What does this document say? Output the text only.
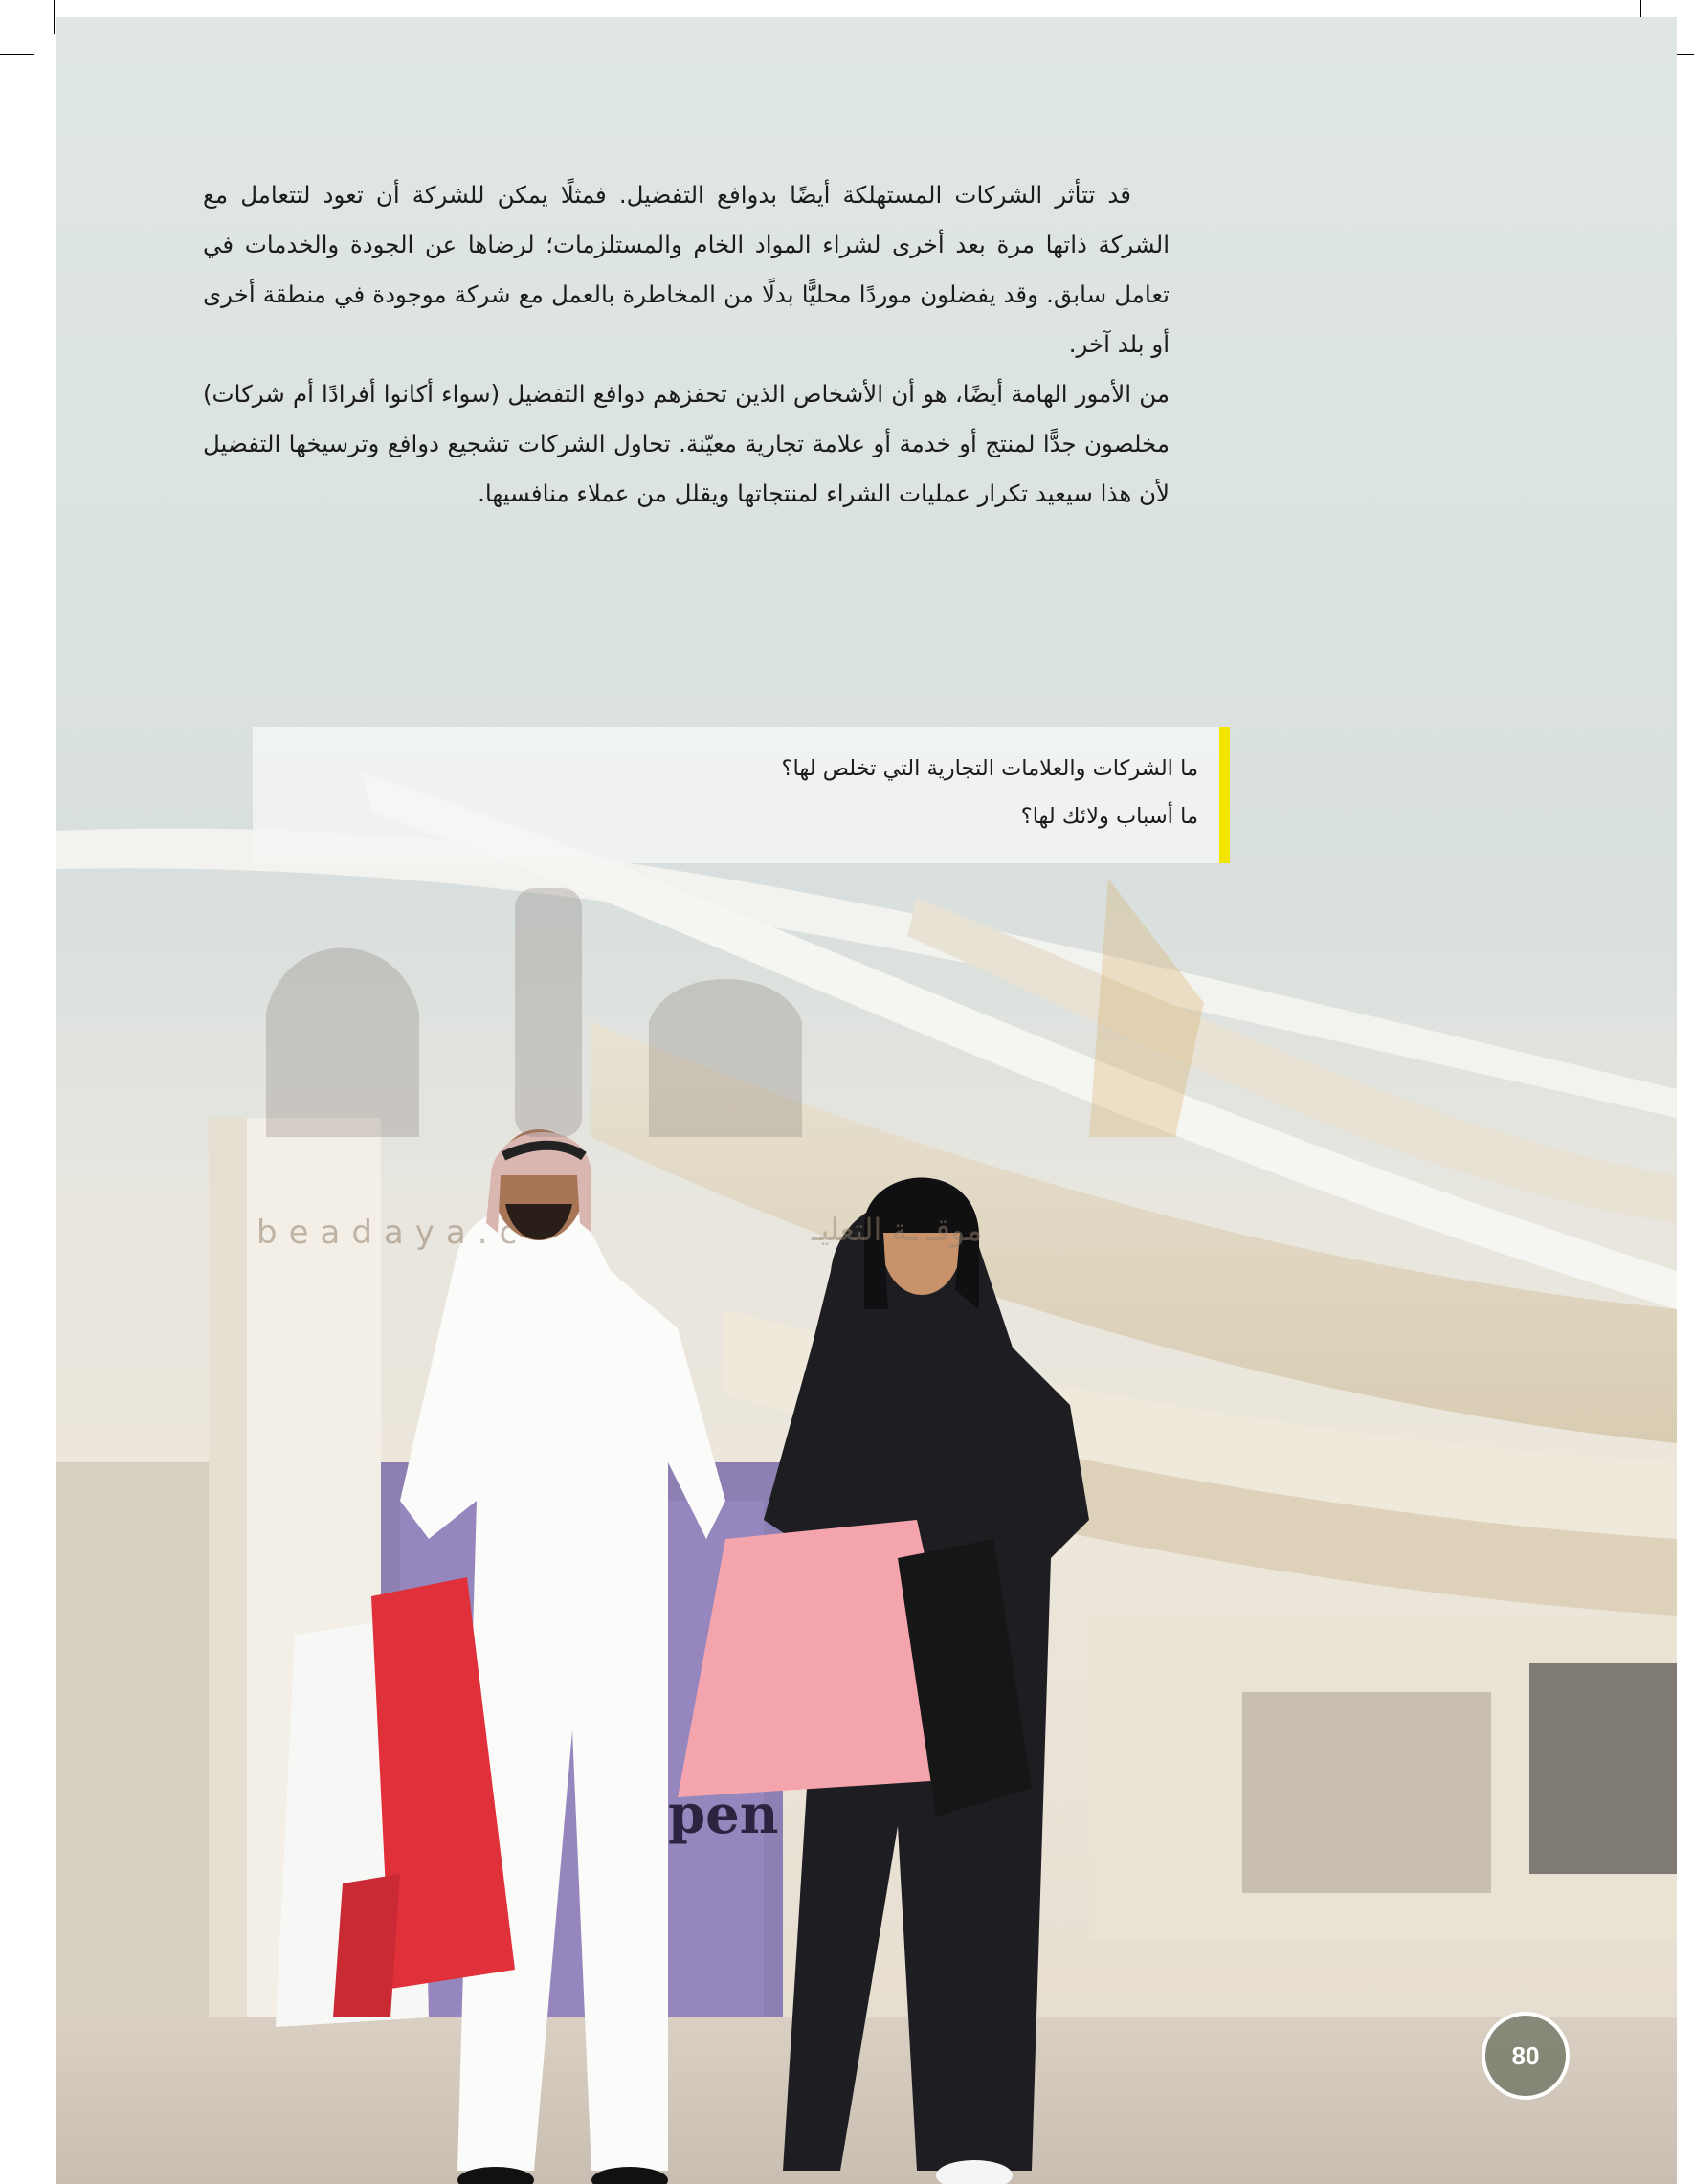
قد تتأثر الشركات المستهلكة أيضًا بدوافع التفضيل. فمثلًا يمكن للشركة أن تعود لتتعامل مع الشركة ذاتها مرة بعد أخرى لشراء المواد الخام والمستلزمات؛ لرضاها عن الجودة والخدمات في تعامل سابق. وقد يفضلون موردًا محليًّا بدلًا من المخاطرة بالعمل مع شركة موجودة في منطقة أخرى أو بلد آخر.

من الأمور الهامة أيضًا، هو أن الأشخاص الذين تحفزهم دوافع التفضيل (سواء أكانوا أفرادًا أم شركات) مخلصون جدًّا لمنتج أو خدمة أو علامة تجارية معيّنة. تحاول الشركات تشجيع دوافع وترسيخها التفضيل لأن هذا سيعيد تكرار عمليات الشراء لمنتجاتها ويقلل من عملاء منافسيها.

ما الشركات والعلامات التجارية التي تخلص لها؟
ما أسباب ولائك لها؟
beadaya.c	موقـ ـة التعليـ
pen
80
